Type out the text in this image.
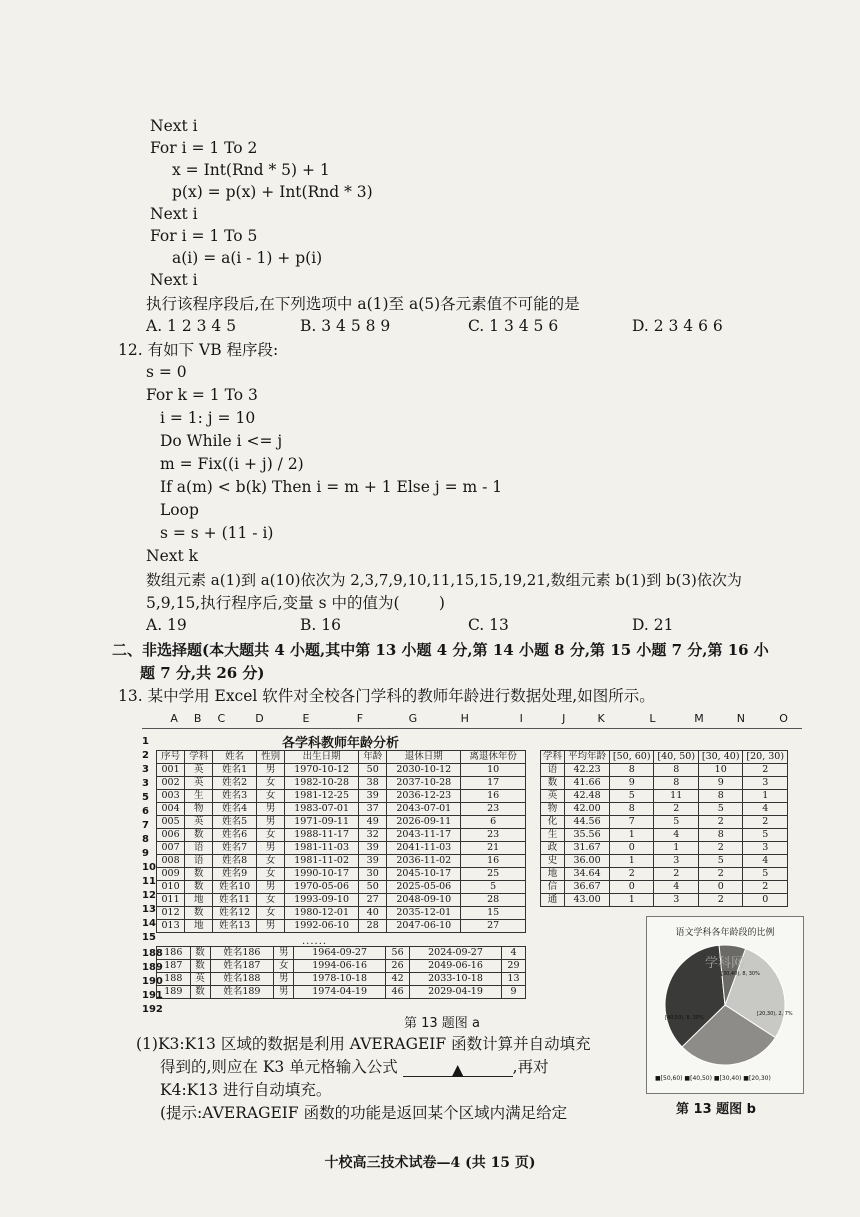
Next i
For i = 1 To 2
x = Int(Rnd * 5) + 1
p(x) = p(x) + Int(Rnd * 3)
Next i
For i = 1 To 5
a(i) = a(i - 1) + p(i)
Next i
执行该程序段后,在下列选项中 a(1)至 a(5)各元素值不可能的是
A. 1 2 3 4 5	B. 3 4 5 8 9	C. 1 3 4 5 6	D. 2 3 4 6 6
12. 有如下 VB 程序段:
s = 0
For k = 1 To 3
i = 1: j = 10
Do While i <= j
m = Fix((i + j) / 2)
If a(m) < b(k) Then i = m + 1 Else j = m - 1
Loop
s = s + (11 - i)
Next k
数组元素 a(1)到 a(10)依次为 2,3,7,9,10,11,15,15,19,21,数组元素 b(1)到 b(3)依次为
5,9,15,执行程序后,变量 s 中的值为(        )
A. 19	B. 16	C. 13	D. 21
二、非选择题(本大题共 4 小题,其中第 13 小题 4 分,第 14 小题 8 分,第 15 小题 7 分,第 16 小
题 7 分,共 26 分)
13. 某中学用 Excel 软件对全校各门学科的教师年龄进行数据处理,如图所示。
A B C	D	E	F	G	H	I	J	K	L	M	N	O
各学科教师年龄分析
1
2
3
3
5
6
7
8
9
10
11
12
13
14
15
188
189
190
191
192
序号	学科	姓名	性别	出生日期	年龄	退休日期	离退休年份
001	英	姓名1	男	1970-10-12	50	2030-10-12	10
002	英	姓名2	女	1982-10-28	38	2037-10-28	17
003	生	姓名3	女	1981-12-25	39	2036-12-23	16
004	物	姓名4	男	1983-07-01	37	2043-07-01	23
005	英	姓名5	男	1971-09-11	49	2026-09-11	6
006	数	姓名6	女	1988-11-17	32	2043-11-17	23
007	语	姓名7	男	1981-11-03	39	2041-11-03	21
008	语	姓名8	女	1981-11-02	39	2036-11-02	16
009	数	姓名9	女	1990-10-17	30	2045-10-17	25
010	数	姓名10	男	1970-05-06	50	2025-05-06	5
011	地	姓名11	女	1993-09-10	27	2048-09-10	28
012	数	姓名12	女	1980-12-01	40	2035-12-01	15
013	地	姓名13	男	1992-06-10	28	2047-06-10	27
......
186	数	姓名186	男	1964-09-27	56	2024-09-27	4
187	数	姓名187	女	1994-06-16	26	2049-06-16	29
188	英	姓名188	男	1978-10-18	42	2033-10-18	13
189	数	姓名189	男	1974-04-19	46	2029-04-19	9
学科	平均年龄	[50, 60)	[40, 50)	[30, 40)	[20, 30)
语	42.23	8	8	10	2
数	41.66	9	8	9	3
英	42.48	5	11	8	1
物	42.00	8	2	5	4
化	44.56	7	5	2	2
生	35.56	1	4	8	5
政	31.67	0	1	2	3
史	36.00	1	3	5	4
地	34.64	2	2	2	5
信	36.67	0	4	0	2
通	43.00	1	3	2	0
第 13 题图 a
语文学科各年龄段的比例
[30,40), 8, 30%
[40,50), 8, 30%
[20,30), 2, 7%
学科网
■[50,60) ■[40,50) ■[30,40) ■[20,30)
第 13 题图 b
(1)K3:K13 区域的数据是利用 AVERAGEIF 函数计算并自动填充
得到的,则应在 K3 单元格输入公式	▲	,再对
K4:K13 进行自动填充。
(提示:AVERAGEIF 函数的功能是返回某个区域内满足给定
十校高三技术试卷—4 (共 15 页)
